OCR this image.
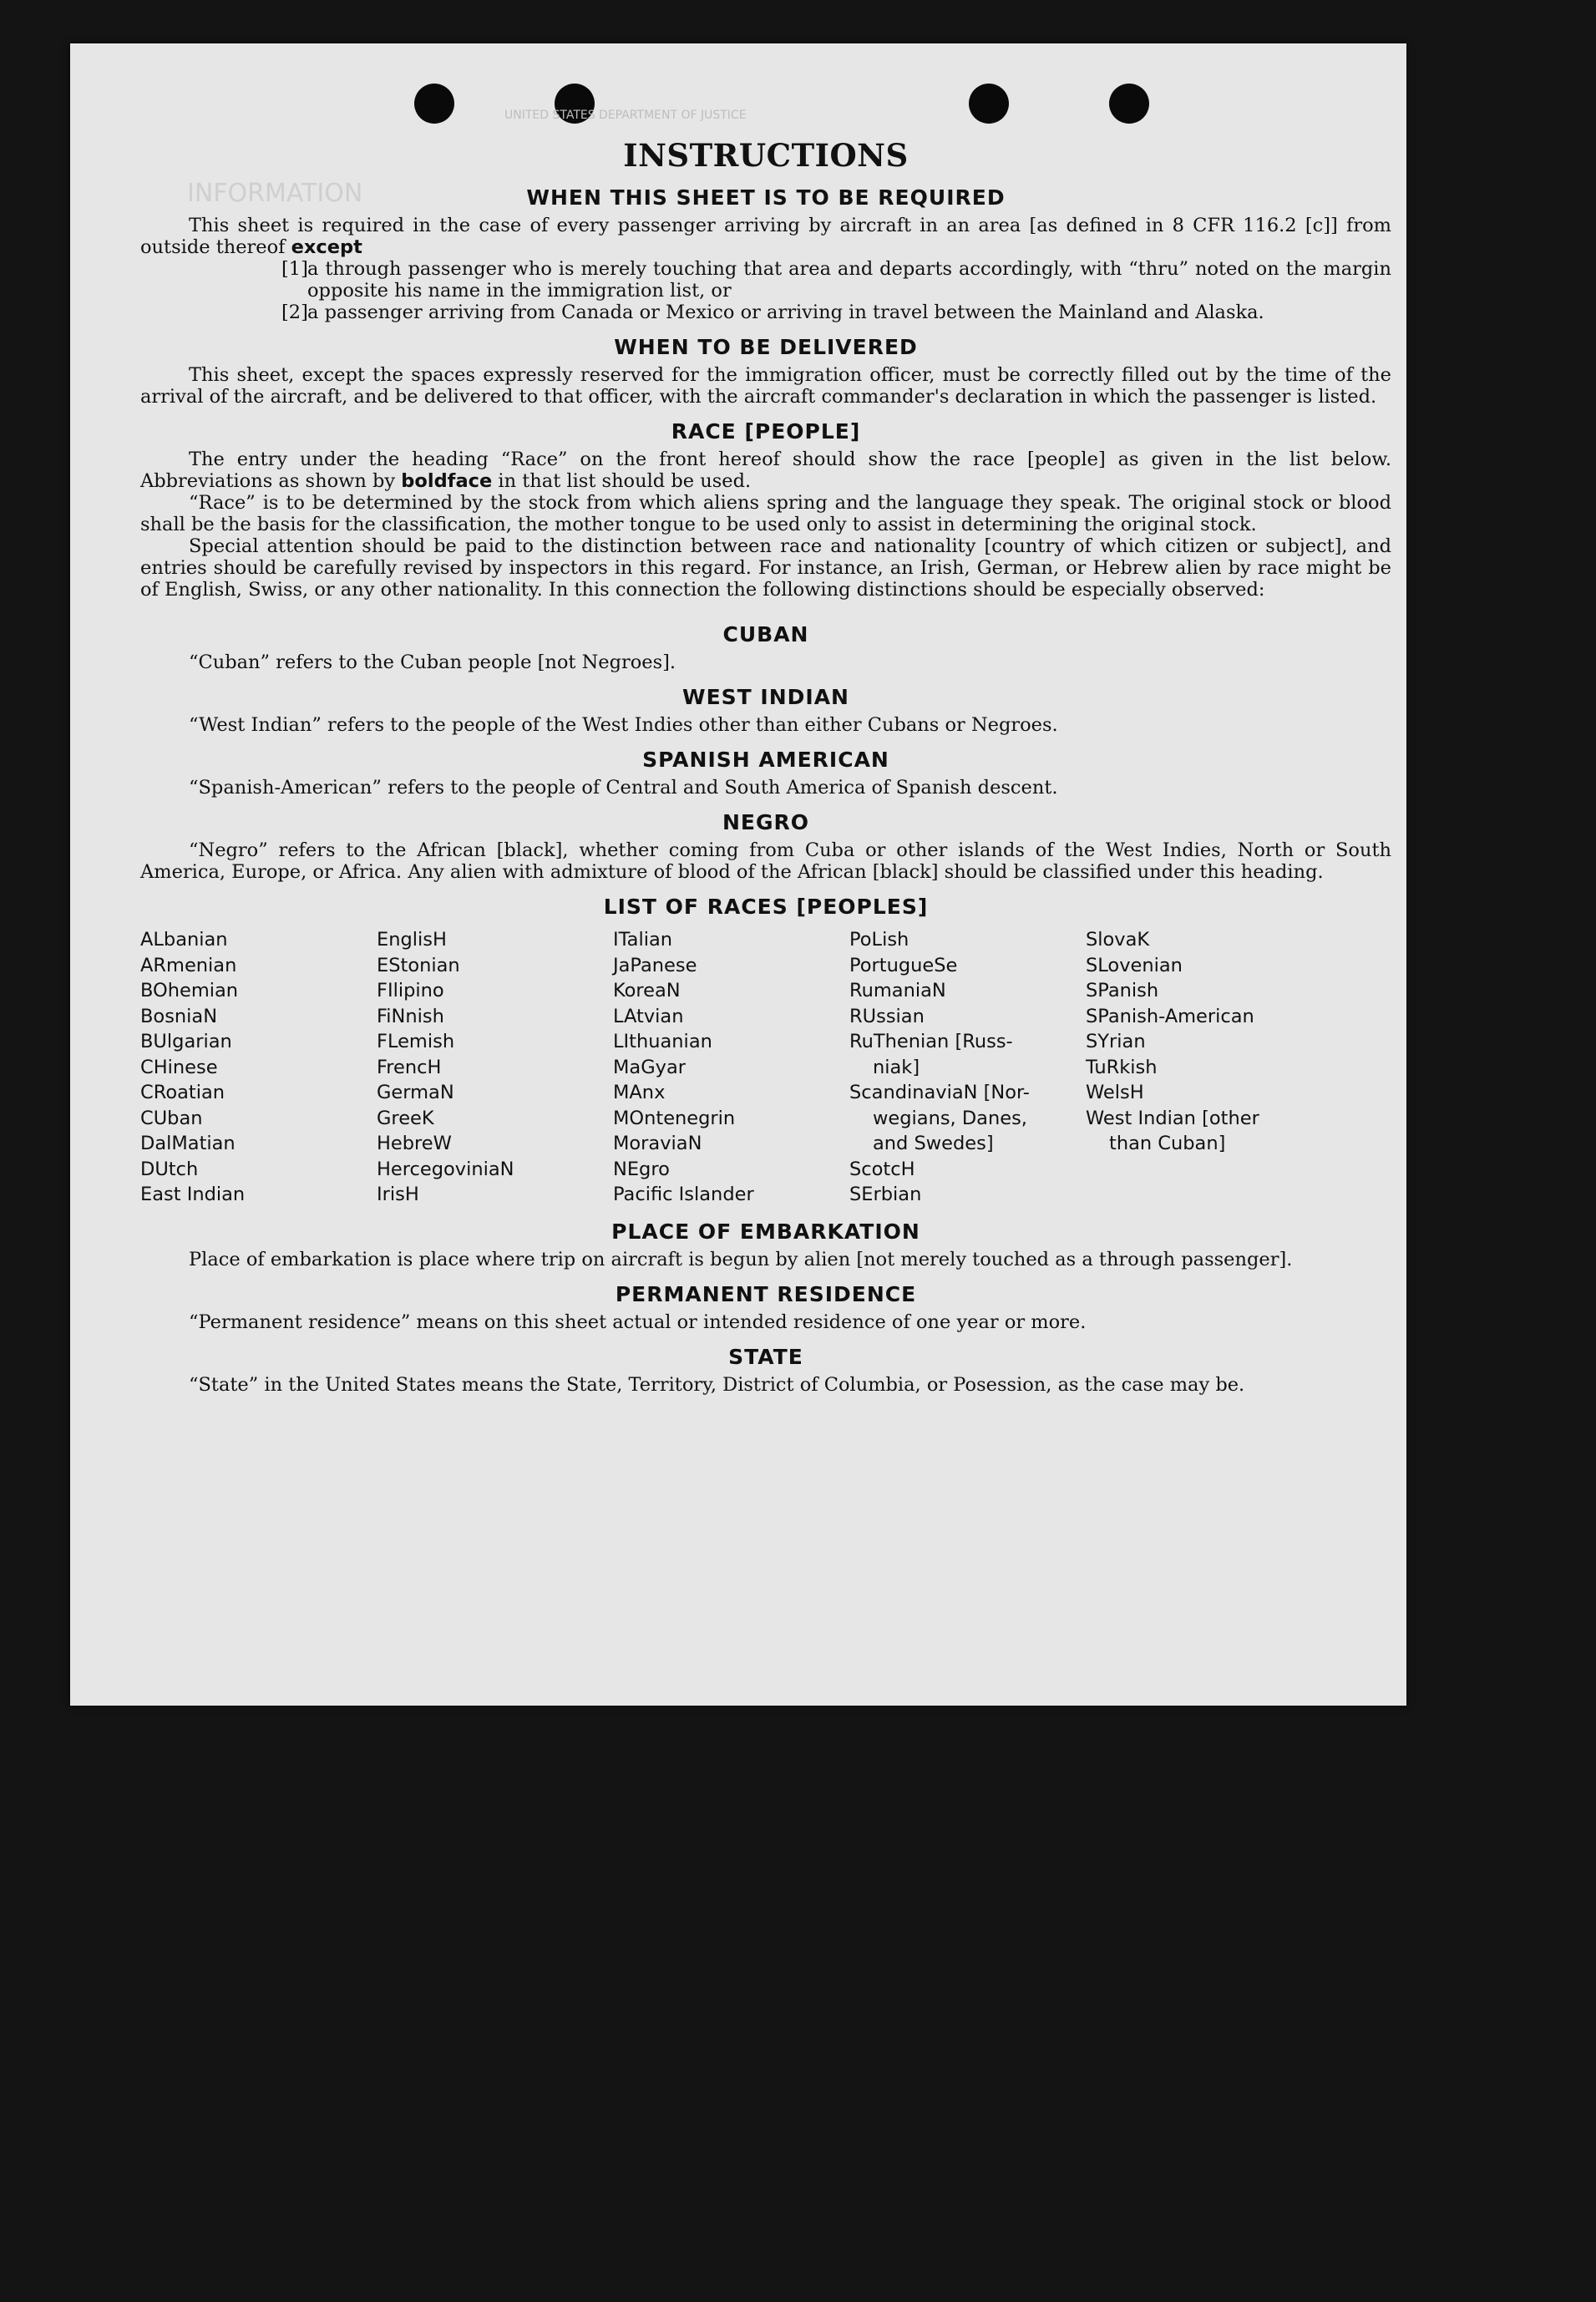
UNITED STATES DEPARTMENT OF JUSTICE
INFORMATION
INSTRUCTIONS
WHEN THIS SHEET IS TO BE REQUIRED

This sheet is required in the case of every passenger arriving by aircraft in an area [as defined in 8 CFR 116.2 [c]] from outside thereof except

[1]a through passenger who is merely touching that area and departs accordingly, with “thru” noted on the margin opposite his name in the immigration list, or

[2]a passenger arriving from Canada or Mexico or arriving in travel between the Mainland and Alaska.

WHEN TO BE DELIVERED

This sheet, except the spaces expressly reserved for the immigration officer, must be correctly filled out by the time of the arrival of the aircraft, and be delivered to that officer, with the aircraft commander's declaration in which the passenger is listed.

RACE [PEOPLE]

The entry under the heading “Race” on the front hereof should show the race [people] as given in the list below. Abbreviations as shown by boldface in that list should be used.

“Race” is to be determined by the stock from which aliens spring and the language they speak. The original stock or blood shall be the basis for the classification, the mother tongue to be used only to assist in determining the original stock.

Special attention should be paid to the distinction between race and nationality [country of which citizen or subject], and entries should be carefully revised by inspectors in this regard. For instance, an Irish, German, or Hebrew alien by race might be of English, Swiss, or any other nationality. In this connection the following distinctions should be especially observed:

CUBAN

“Cuban” refers to the Cuban people [not Negroes].

WEST INDIAN

“West Indian” refers to the people of the West Indies other than either Cubans or Negroes.

SPANISH AMERICAN

“Spanish-American” refers to the people of Central and South America of Spanish descent.

NEGRO

“Negro” refers to the African [black], whether coming from Cuba or other islands of the West Indies, North or South America, Europe, or Africa. Any alien with admixture of blood of the African [black] should be classified under this heading.

LIST OF RACES [PEOPLES]
ALbanian
ARmenian
BOhemian
BosniaN
BUlgarian
CHinese
CRoatian
CUban
DalMatian
DUtch
East Indian
EnglisH
EStonian
FIlipino
FiNnish
FLemish
FrencH
GermaN
GreeK
HebreW
HercegoviniaN
IrisH
ITalian
JaPanese
KoreaN
LAtvian
LIthuanian
MaGyar
MAnx
MOntenegrin
MoraviaN
NEgro
Pacific Islander
PoLish
PortugueSe
RumaniaN
RUssian
RuThenian [Russ-
niak]
ScandinaviaN [Nor-
wegians, Danes,
and Swedes]
ScotcH
SErbian
SlovaK
SLovenian
SPanish
SPanish-American
SYrian
TuRkish
WelsH
West Indian [other
than Cuban]
PLACE OF EMBARKATION

Place of embarkation is place where trip on aircraft is begun by alien [not merely touched as a through passenger].

PERMANENT RESIDENCE

“Permanent residence” means on this sheet actual or intended residence of one year or more.

STATE

“State” in the United States means the State, Territory, District of Columbia, or Posession, as the case may be.
